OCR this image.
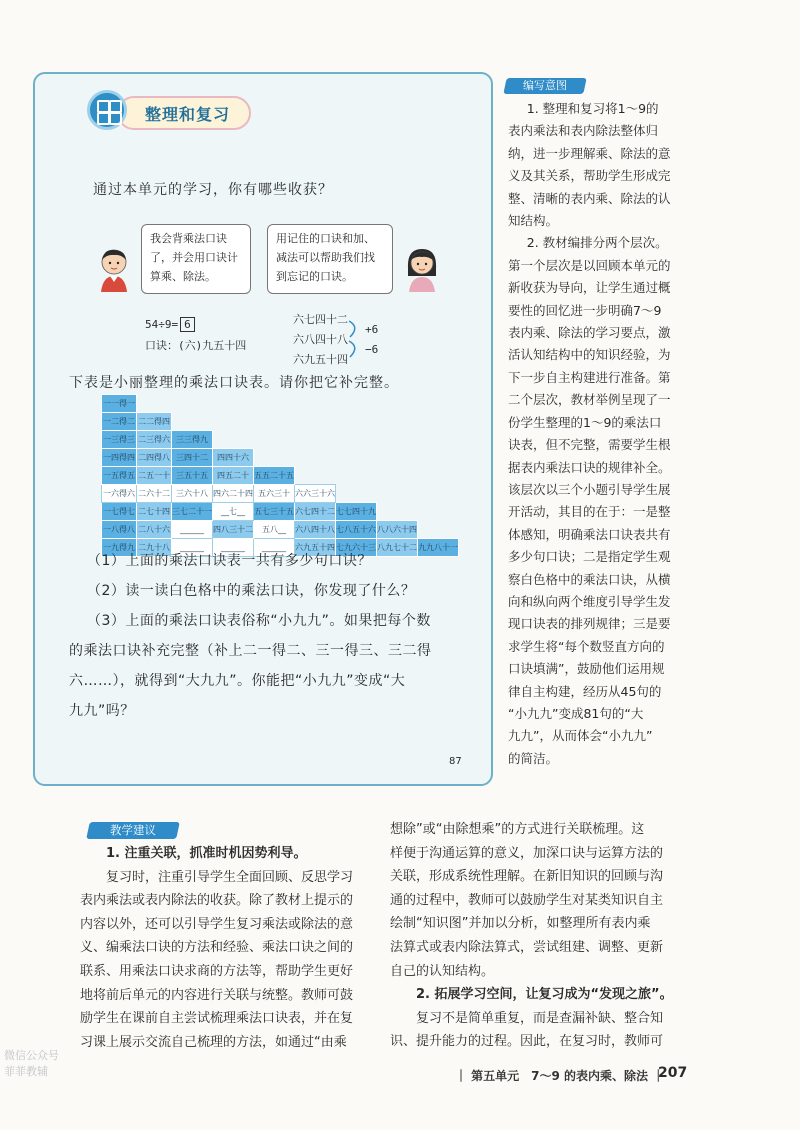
整理和复习
通过本单元的学习，你有哪些收获？
我会背乘法口诀了，并会用口诀计算乘、除法。
用记住的口诀和加、减法可以帮助我们找到忘记的口诀。
54÷9= 6
口诀：(六)九五十四
六七四十二
六八四十八
六九五十四
+6
−6
下表是小丽整理的乘法口诀表。请你把它补完整。
一一得一								
一二得二	二二得四							
一三得三	二三得六	三三得九						
一四得四	二四得八	三四十二	四四十六					
一五得五	二五一十	三五十五	四五二十	五五二十五				
一六得六	二六十二	三六十八	四六二十四	五六三十	六六三十六			
一七得七	二七十四	三七二十一	__七__	五七三十五	六七四十二	七七四十九		
一八得八	二八十六	______	四八三十二	五八__	六八四十八	七八五十六	八八六十四	
一九得九	二九十八	______	______	______	六九五十四	七九六十三	八九七十二	九九八十一
（1）上面的乘法口诀表一共有多少句口诀？
（2）读一读白色格中的乘法口诀，你发现了什么？
（3）上面的乘法口诀表俗称“小九九”。如果把每个数
的乘法口诀补充完整（补上二一得二、三一得三、三二得
六……），就得到“大九九”。你能把“小九九”变成“大
九九”吗？
87
编写意图
1. 整理和复习将1～9的
表内乘法和表内除法整体归
纳，进一步理解乘、除法的意
义及其关系，帮助学生形成完
整、清晰的表内乘、除法的认
知结构。
2. 教材编排分两个层次。
第一个层次是以回顾本单元的
新收获为导向，让学生通过概
要性的回忆进一步明确7～9
表内乘、除法的学习要点，激
活认知结构中的知识经验，为
下一步自主构建进行准备。第
二个层次，教材举例呈现了一
份学生整理的1～9的乘法口
诀表，但不完整，需要学生根
据表内乘法口诀的规律补全。
该层次以三个小题引导学生展
开活动，其目的在于：一是整
体感知，明确乘法口诀表共有
多少句口诀；二是指定学生观
察白色格中的乘法口诀，从横
向和纵向两个维度引导学生发
现口诀表的排列规律；三是要
求学生将“每个数竖直方向的
口诀填满”，鼓励他们运用规
律自主构建，经历从45句的
“小九九”变成81句的“大
九九”，从而体会“小九九”
的简洁。
教学建议
1. 注重关联，抓准时机因势利导。
复习时，注重引导学生全面回顾、反思学习
表内乘法或表内除法的收获。除了教材上提示的
内容以外，还可以引导学生复习乘法或除法的意
义、编乘法口诀的方法和经验、乘法口诀之间的
联系、用乘法口诀求商的方法等，帮助学生更好
地将前后单元的内容进行关联与统整。教师可鼓
励学生在课前自主尝试梳理乘法口诀表，并在复
习课上展示交流自己梳理的方法，如通过“由乘
想除”或“由除想乘”的方式进行关联梳理。这
样便于沟通运算的意义，加深口诀与运算方法的
关联，形成系统性理解。在新旧知识的回顾与沟
通的过程中，教师可以鼓励学生对某类知识自主
绘制“知识图”并加以分析，如整理所有表内乘
法算式或表内除法算式，尝试组建、调整、更新
自己的认知结构。
2. 拓展学习空间，让复习成为“发现之旅”。
复习不是简单重复，而是查漏补缺、整合知
识、提升能力的过程。因此，在复习时，教师可
｜ 第五单元　7～9 的表内乘、除法 ｜
207
微信公众号
菲菲教辅
